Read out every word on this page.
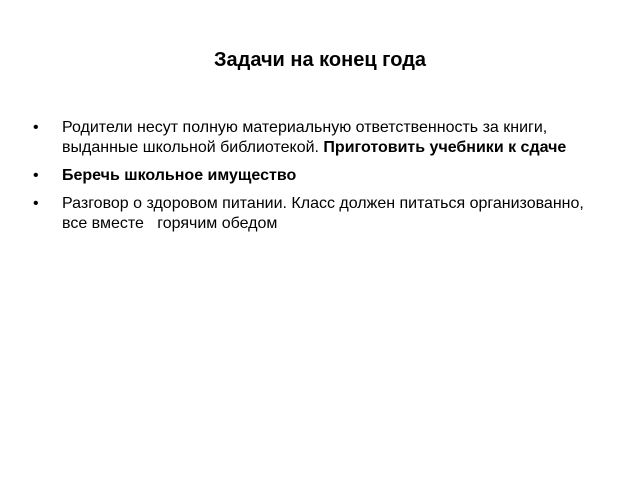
Задачи на конец года
• Родители несут полную материальную ответственность за книги, выданные школьной библиотекой. Приготовить учебники к сдаче
• Беречь школьное имущество
• Разговор о здоровом питании. Класс должен питаться организованно, все вместе   горячим обедом
